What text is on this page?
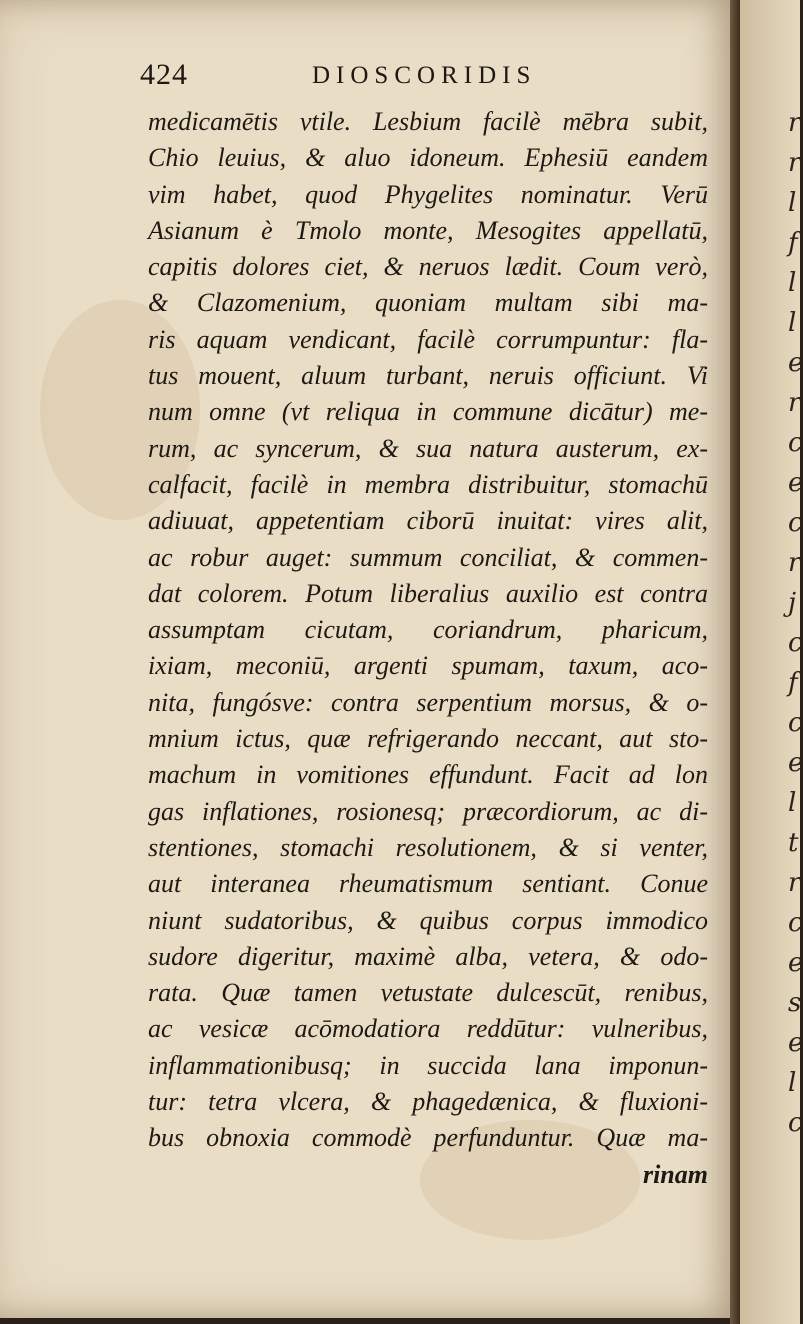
424	DIOSCORIDIS
medicamētis vtile. Lesbium facilè mēbra subit,
Chio leuius, & aluo idoneum. Ephesiū eandem
vim habet, quod Phygelites nominatur. Verū
Asianum è Tmolo monte, Mesogites appellatū,
capitis dolores ciet, & neruos lædit. Coum verò,
& Clazomenium, quoniam multam sibi ma-
ris aquam vendicant, facilè corrumpuntur: fla-
tus mouent, aluum turbant, neruis officiunt. Vi
num omne (vt reliqua in commune dicātur) me-
rum, ac syncerum, & sua natura austerum, ex-
calfacit, facilè in membra distribuitur, stomachū
adiuuat, appetentiam ciborū inuitat: vires alit,
ac robur auget: summum conciliat, & commen-
dat colorem. Potum liberalius auxilio est contra
assumptam cicutam, coriandrum, pharicum,
ixiam, meconiū, argenti spumam, taxum, aco-
nita, fungósve: contra serpentium morsus, & o-
mnium ictus, quæ refrigerando neccant, aut sto-
machum in vomitiones effundunt. Facit ad lon
gas inflationes, rosionesq; præcordiorum, ac di-
stentiones, stomachi resolutionem, & si venter,
aut interanea rheumatismum sentiant. Conue
niunt sudatoribus, & quibus corpus immodico
sudore digeritur, maximè alba, vetera, & odo-
rata. Quæ tamen vetustate dulcescūt, renibus,
ac vesicæ acōmodatiora reddūtur: vulneribus,
inflammationibusq; in succida lana imponun-
tur: tetra vlcera, & phagedænica, & fluxioni-
bus obnoxia commodè perfunduntur. Quæ ma-
rinam
r
r
l
f
l
l
e
r
c
e
c
r
j
c
f
c
e
l
t
r
c
e
s
e
l
c
